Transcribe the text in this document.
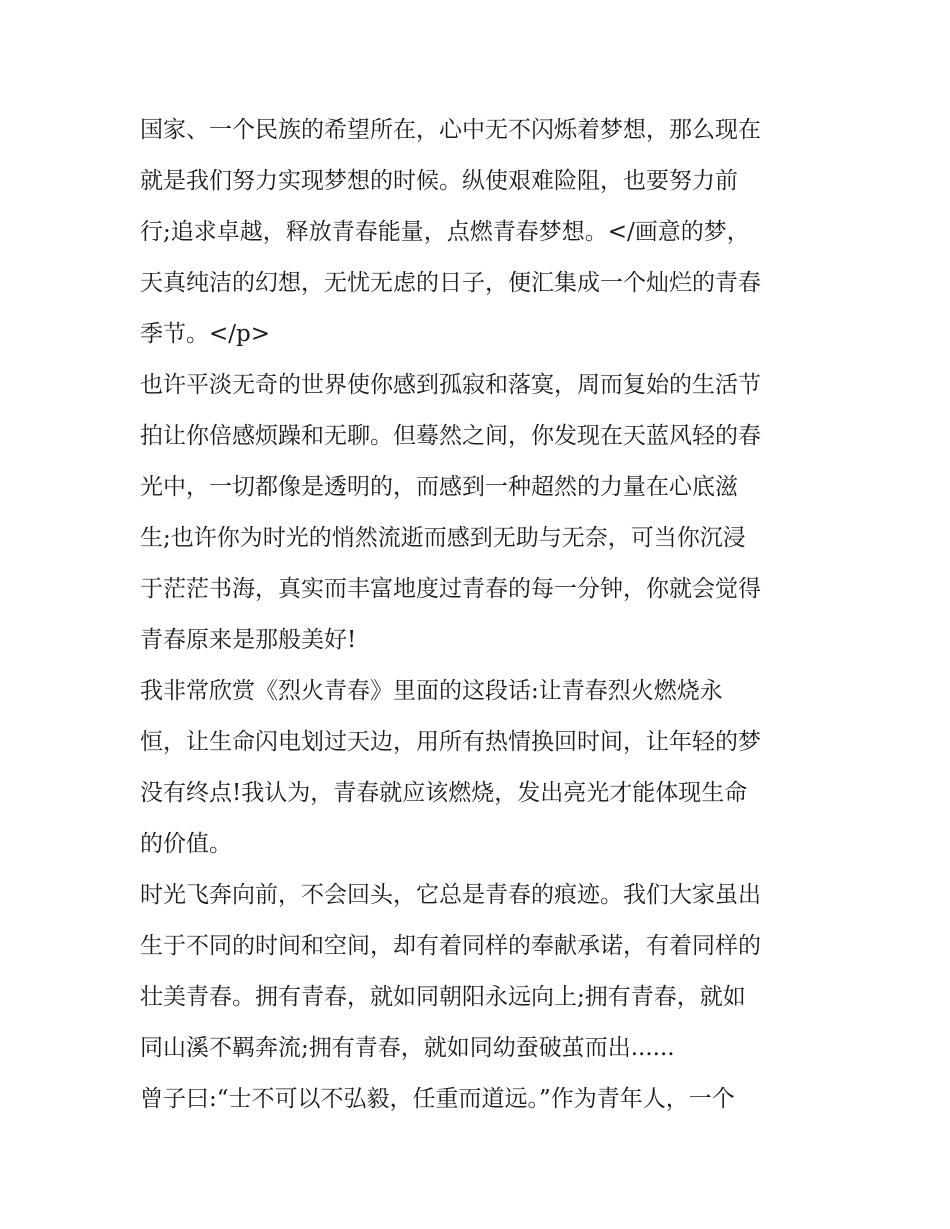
国家、一个民族的希望所在，心中无不闪烁着梦想，那么现在
就是我们努力实现梦想的时候。纵使艰难险阻，也要努力前
行;追求卓越，释放青春能量，点燃青春梦想。</画意的梦，
天真纯洁的幻想，无忧无虑的日子，便汇集成一个灿烂的青春
季节。</p>
也许平淡无奇的世界使你感到孤寂和落寞，周而复始的生活节
拍让你倍感烦躁和无聊。但蓦然之间，你发现在天蓝风轻的春
光中，一切都像是透明的，而感到一种超然的力量在心底滋
生;也许你为时光的悄然流逝而感到无助与无奈，可当你沉浸
于茫茫书海，真实而丰富地度过青春的每一分钟，你就会觉得
青春原来是那般美好!
我非常欣赏《烈火青春》里面的这段话:让青春烈火燃烧永
恒，让生命闪电划过天边，用所有热情换回时间，让年轻的梦
没有终点!我认为，青春就应该燃烧，发出亮光才能体现生命
的价值。
时光飞奔向前，不会回头，它总是青春的痕迹。我们大家虽出
生于不同的时间和空间，却有着同样的奉献承诺，有着同样的
壮美青春。拥有青春，就如同朝阳永远向上;拥有青春，就如
同山溪不羁奔流;拥有青春，就如同幼蚕破茧而出......
曾子曰:“士不可以不弘毅，任重而道远。”作为青年人，一个
